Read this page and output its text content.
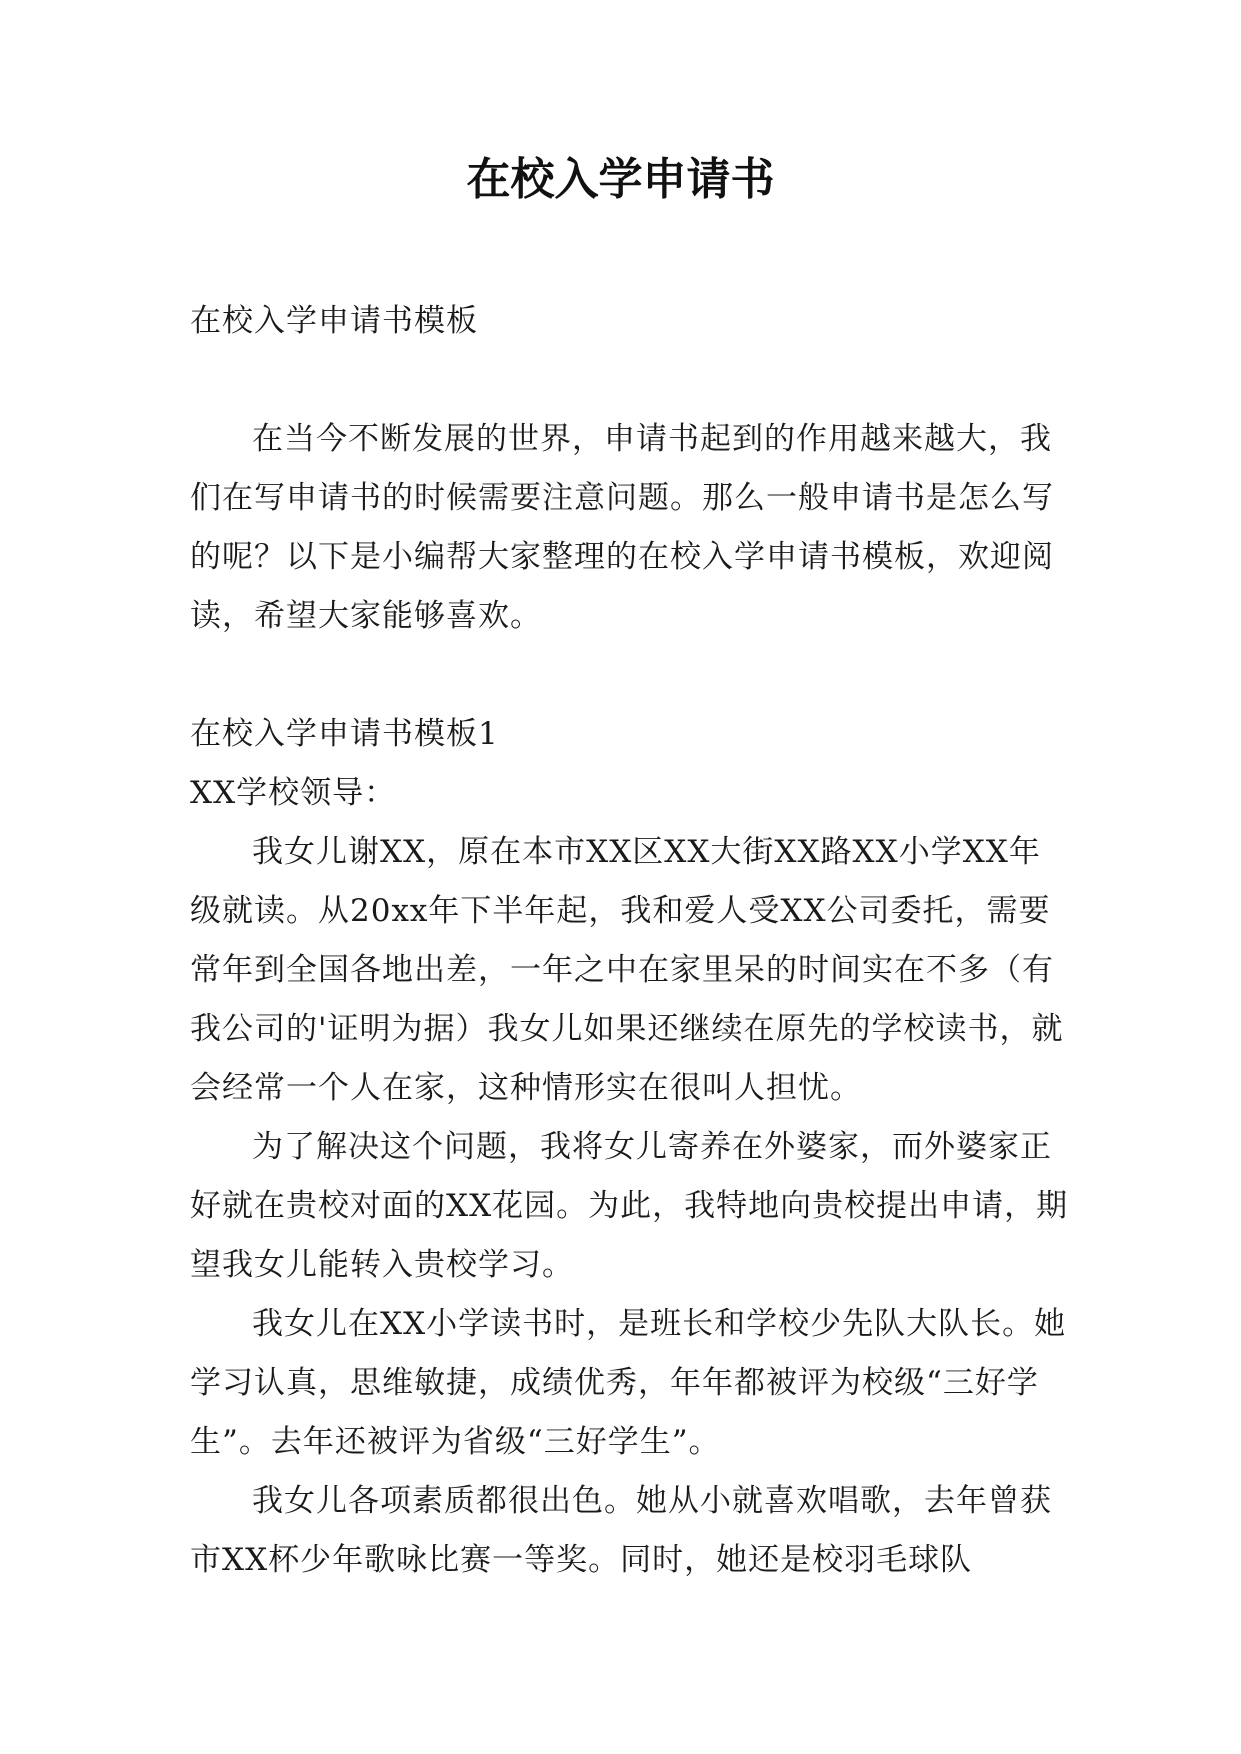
在校入学申请书

在校入学申请书模板

在当今不断发展的世界，申请书起到的作用越来越大，我们在写申请书的时候需要注意问题。那么一般申请书是怎么写的呢？以下是小编帮大家整理的在校入学申请书模板，欢迎阅读，希望大家能够喜欢。

在校入学申请书模板1

XX学校领导：

我女儿谢XX，原在本市XX区XX大街XX路XX小学XX年级就读。从20xx年下半年起，我和爱人受XX公司委托，需要常年到全国各地出差，一年之中在家里呆的时间实在不多（有我公司的'证明为据）我女儿如果还继续在原先的学校读书，就会经常一个人在家，这种情形实在很叫人担忧。

为了解决这个问题，我将女儿寄养在外婆家，而外婆家正好就在贵校对面的XX花园。为此，我特地向贵校提出申请，期望我女儿能转入贵校学习。

我女儿在XX小学读书时，是班长和学校少先队大队长。她学习认真，思维敏捷，成绩优秀，年年都被评为校级“三好学生”。去年还被评为省级“三好学生”。

我女儿各项素质都很出色。她从小就喜欢唱歌，去年曾获市XX杯少年歌咏比赛一等奖。同时，她还是校羽毛球队
